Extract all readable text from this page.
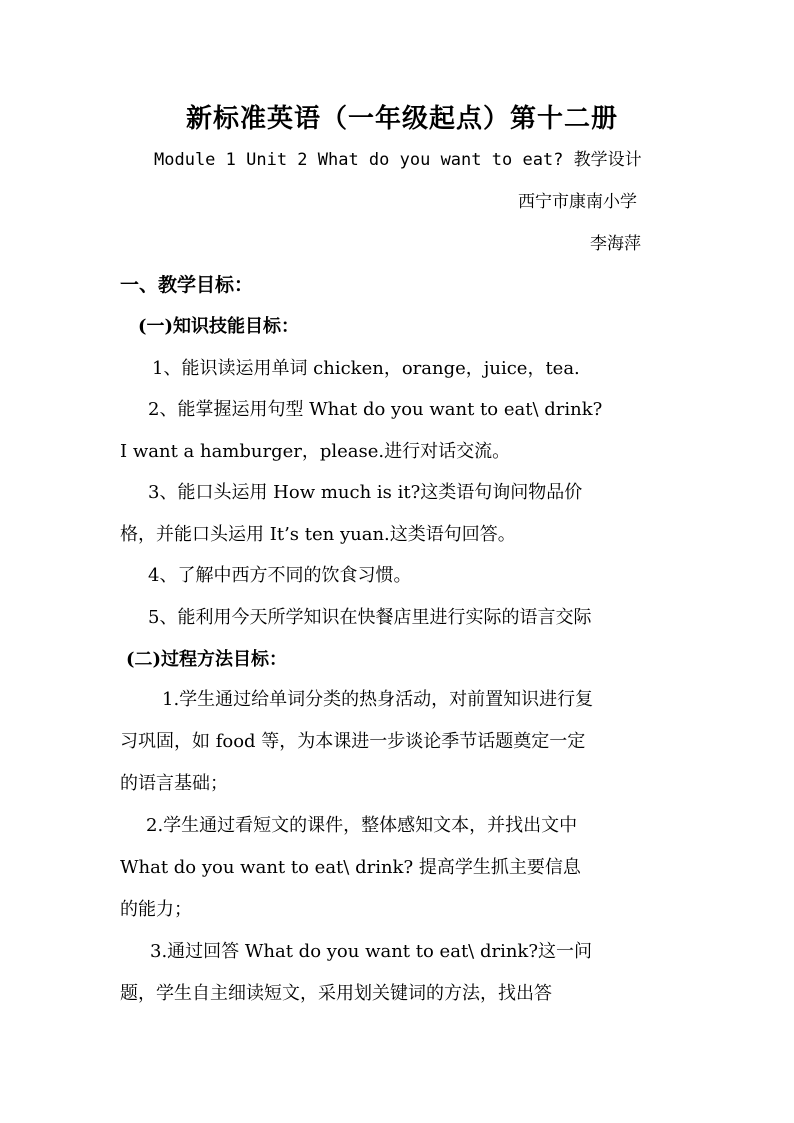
新标准英语（一年级起点）第十二册
Module 1 Unit 2 What do you want to eat? 教学设计
西宁市康南小学
李海萍
一、教学目标：
(一)知识技能目标：
1、能识读运用单词 chicken，orange，juice，tea.
2、能掌握运用句型 What do you want to eat\ drink?
I want a hamburger，please.进行对话交流。
3、能口头运用 How much is it?这类语句询问物品价
格，并能口头运用 It’s ten yuan.这类语句回答。
4、了解中西方不同的饮食习惯。
5、能利用今天所学知识在快餐店里进行实际的语言交际
(二)过程方法目标：
1.学生通过给单词分类的热身活动，对前置知识进行复
习巩固，如 food 等，为本课进一步谈论季节话题奠定一定
的语言基础；
2.学生通过看短文的课件，整体感知文本，并找出文中
What do you want to eat\ drink? 提高学生抓主要信息
的能力；
3.通过回答 What do you want to eat\ drink?这一问
题，学生自主细读短文，采用划关键词的方法，找出答
